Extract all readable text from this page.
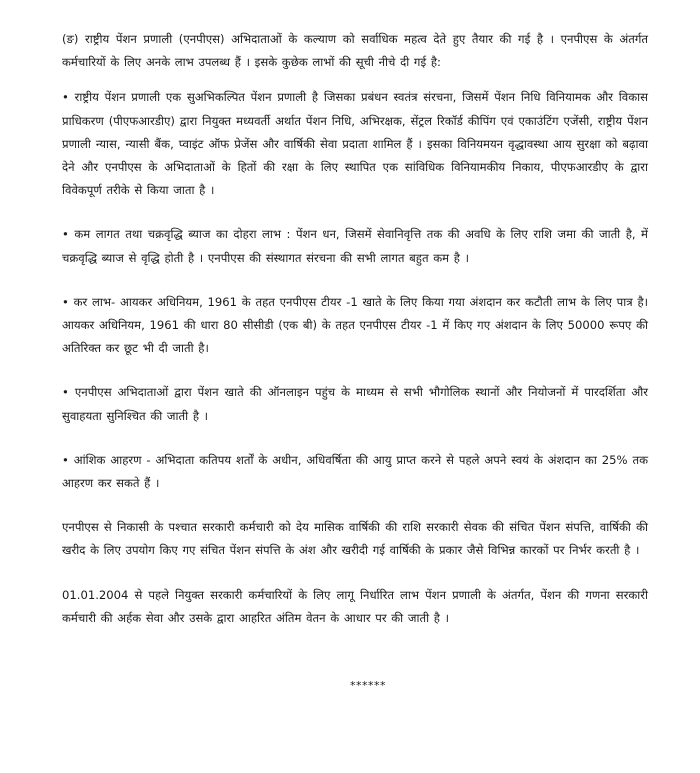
(ङ) राष्ट्रीय पेंशन प्रणाली (एनपीएस) अभिदाताओं के कल्याण को सर्वाधिक महत्व देते हुए तैयार की गई है । एनपीएस के अंतर्गत कर्मचारियों के लिए अनके लाभ उपलब्ध हैं । इसके कुछेक लाभों की सूची नीचे दी गई है:

• राष्ट्रीय पेंशन प्रणाली एक सुअभिकल्पित पेंशन प्रणाली है जिसका प्रबंधन स्वतंत्र संरचना, जिसमें पेंशन निधि विनियामक और विकास प्राधिकरण (पीएफआरडीए) द्वारा नियुक्त मध्यवर्ती अर्थात पेंशन निधि, अभिरक्षक, सेंट्रल रिकॉर्ड कीपिंग एवं एकाउंटिंग एजेंसी, राष्ट्रीय पेंशन प्रणाली न्यास, न्यासी बैंक, प्वाइंट ऑफ प्रेजेंस और वार्षिकी सेवा प्रदाता शामिल हैं । इसका विनियमयन वृद्धावस्था आय सुरक्षा को बढ़ावा देने और एनपीएस के अभिदाताओं के हितों की रक्षा के लिए स्थापित एक सांविधिक विनियामकीय निकाय, पीएफआरडीए के द्वारा विवेकपूर्ण तरीके से किया जाता है ।

• कम लागत तथा चक्रवृद्धि ब्याज का दोहरा लाभ : पेंशन धन, जिसमें सेवानिवृत्ति तक की अवधि के लिए राशि जमा की जाती है, में चक्रवृद्धि ब्याज से वृद्धि होती है । एनपीएस की संस्थागत संरचना की सभी लागत बहुत कम है ।

• कर लाभ- आयकर अधिनियम, 1961 के तहत एनपीएस टीयर -1 खाते के लिए किया गया अंशदान कर कटौती लाभ के लिए पात्र है। आयकर अधिनियम, 1961 की धारा 80 सीसीडी (एक बी) के तहत एनपीएस टीयर -1 में किए गए अंशदान के लिए 50000 रूपए की अतिरिक्त कर छूट भी दी जाती है।

• एनपीएस अभिदाताओं द्वारा पेंशन खाते की ऑनलाइन पहुंच के माध्यम से सभी भौगोलिक स्थानों और नियोजनों में पारदर्शिता और सुवाहयता सुनिश्चित की जाती है ।

• आंशिक आहरण - अभिदाता कतिपय शर्तों के अधीन, अधिवर्षिता की आयु प्राप्त करने से पहले अपने स्वयं के अंशदान का 25% तक आहरण कर सकते हैं ।

एनपीएस से निकासी के पश्चात सरकारी कर्मचारी को देय मासिक वार्षिकी की राशि सरकारी सेवक की संचित पेंशन संपत्ति, वार्षिकी की खरीद के लिए उपयोग किए गए संचित पेंशन संपत्ति के अंश और खरीदी गई वार्षिकी के प्रकार जैसे विभिन्न कारकों पर निर्भर करती है ।

01.01.2004 से पहले नियुक्त सरकारी कर्मचारियों के लिए लागू निर्धारित लाभ पेंशन प्रणाली के अंतर्गत, पेंशन की गणना सरकारी कर्मचारी की अर्हक सेवा और उसके द्वारा आहरित अंतिम वेतन के आधार पर की जाती है ।

******
